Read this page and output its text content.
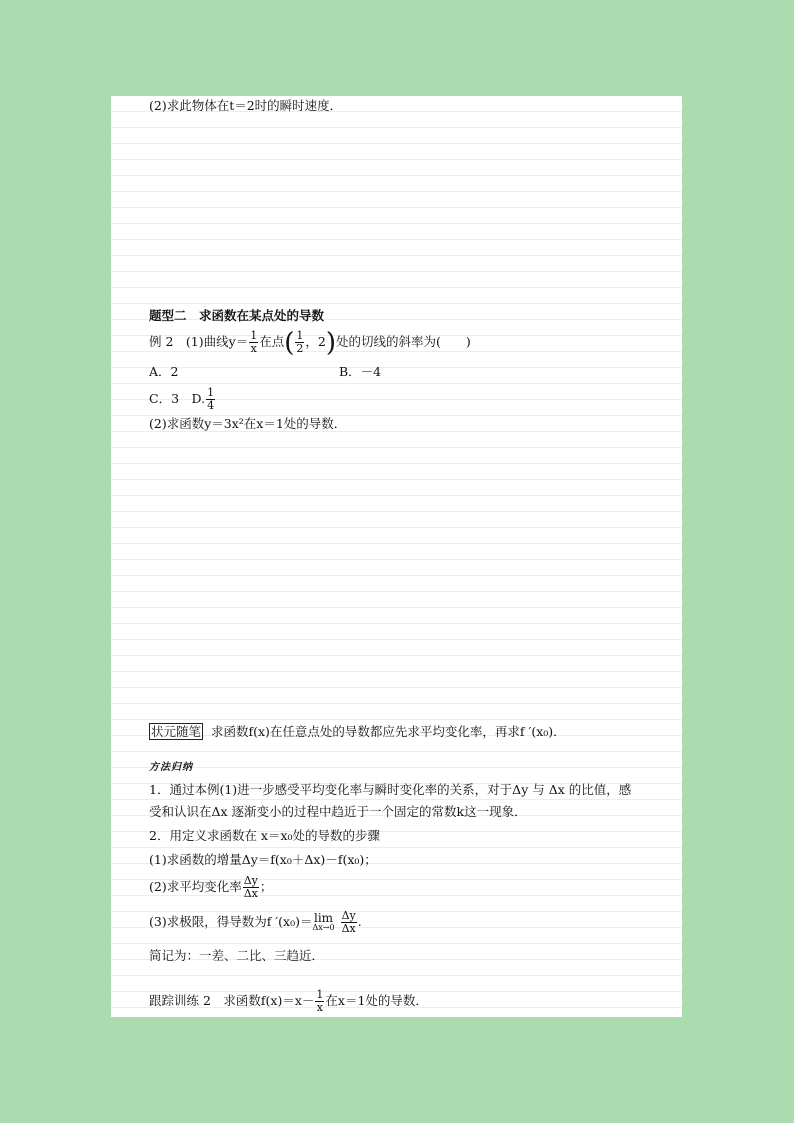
(2)求此物体在t＝2时的瞬时速度．
题型二　求函数在某点处的导数
例 2　(1)曲线$y= \frac{1}{x}$ 在点( $\frac{1}{2}$ ，2)处的切线的斜率为(　　)
A．2	B．－4
C．3　D. $\frac{1}{4}$
(2)求函数y＝3x²在x＝1处的导数．
状元随笔 求函数f(x)在任意点处的导数都应先求平均变化率，再求f ′(x₀)．
方法归纳
1．通过本例(1)进一步感受平均变化率与瞬时变化率的关系，对于Δy 与 Δx 的比值，感
受和认识在Δx 逐渐变小的过程中趋近于一个固定的常数k这一现象．
2．用定义求函数在 x＝x₀处的导数的步骤
(1)求函数的增量Δy＝f(x₀＋Δx)－f(x₀)；
(2)求平均变化率 $\frac{\Delta y}{\Delta x}$ ；
(3)求极限，得导数为f ′(x₀)＝ lim
$\Delta x\to 0 \frac{\Delta y}{\Delta x}$ .
简记为：一差、二比、三趋近．
跟踪训练 2　求函数$f(x)=x- \frac{1}{x}$ 在x＝1处的导数．
